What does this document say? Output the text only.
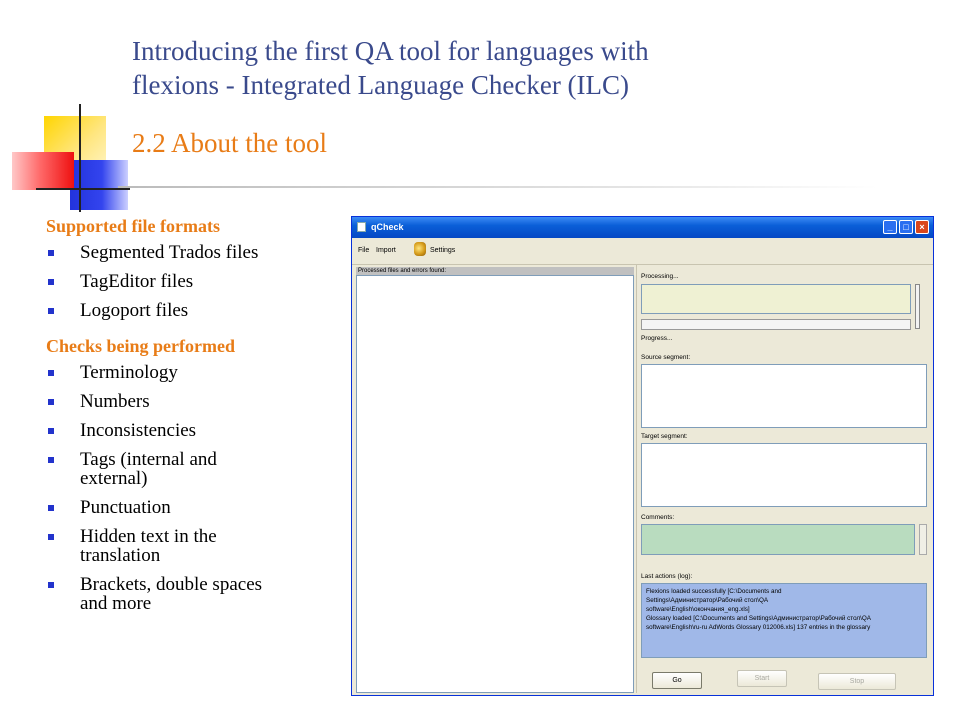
Introducing the first QA tool for languages with
flexions - Integrated Language Checker (ILC)
2.2 About the tool
Supported file formats
Segmented Trados files
TagEditor files
Logoport files
Checks being performed
Terminology
Numbers
Inconsistencies
Tags (internal and
external)
Punctuation
Hidden text in the
translation
Brackets, double spaces
and more
qCheck	_	□	×
File Import	Settings
Processed files and errors found:
Processing...
Progress...
Source segment:
Target segment:
Comments:
Last actions (log):
Flexions loaded successfully [C:\Documents and
Settings\Администратор\Рабочий стол\QA
software\English\окончания_eng.xls]
Glossary loaded [C:\Documents and Settings\Администратор\Рабочий стол\QA
software\English\ru-ru AdWords Glossary 012006.xls] 137 entries in the glossary
Go	Start	Stop
